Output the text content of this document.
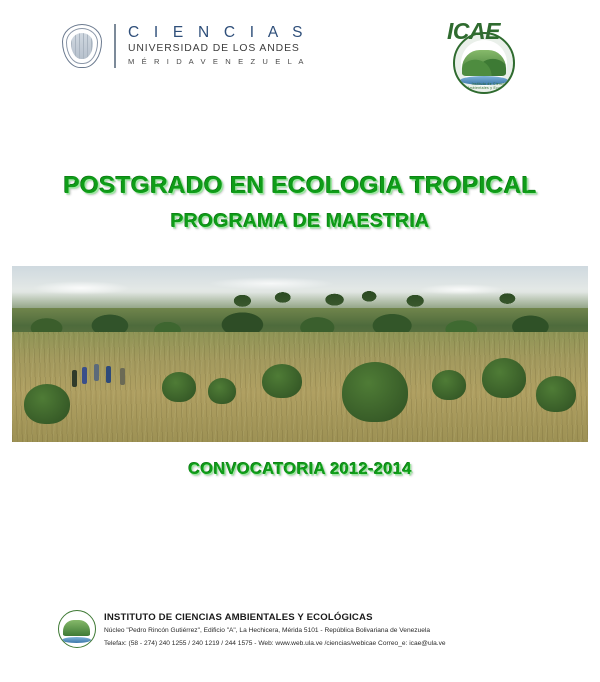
C I E N C I A S
UNIVERSIDAD DE LOS ANDES
M É R I D A V E N E Z U E L A
Instituto de Ciencias Ambientales y Ecológicas
ICAE
POSTGRADO EN ECOLOGIA TROPICAL
PROGRAMA DE MAESTRIA
CONVOCATORIA 2012-2014
INSTITUTO DE CIENCIAS AMBIENTALES Y ECOLÓGICAS
Núcleo "Pedro Rincón Gutiérrez", Edificio "A", La Hechicera, Mérida 5101 - República Bolivariana de Venezuela
Telefax: (58 - 274) 240 1255 / 240 1219 / 244 1575 - Web: www.web.ula.ve /ciencias/webicae Correo_e: icae@ula.ve
